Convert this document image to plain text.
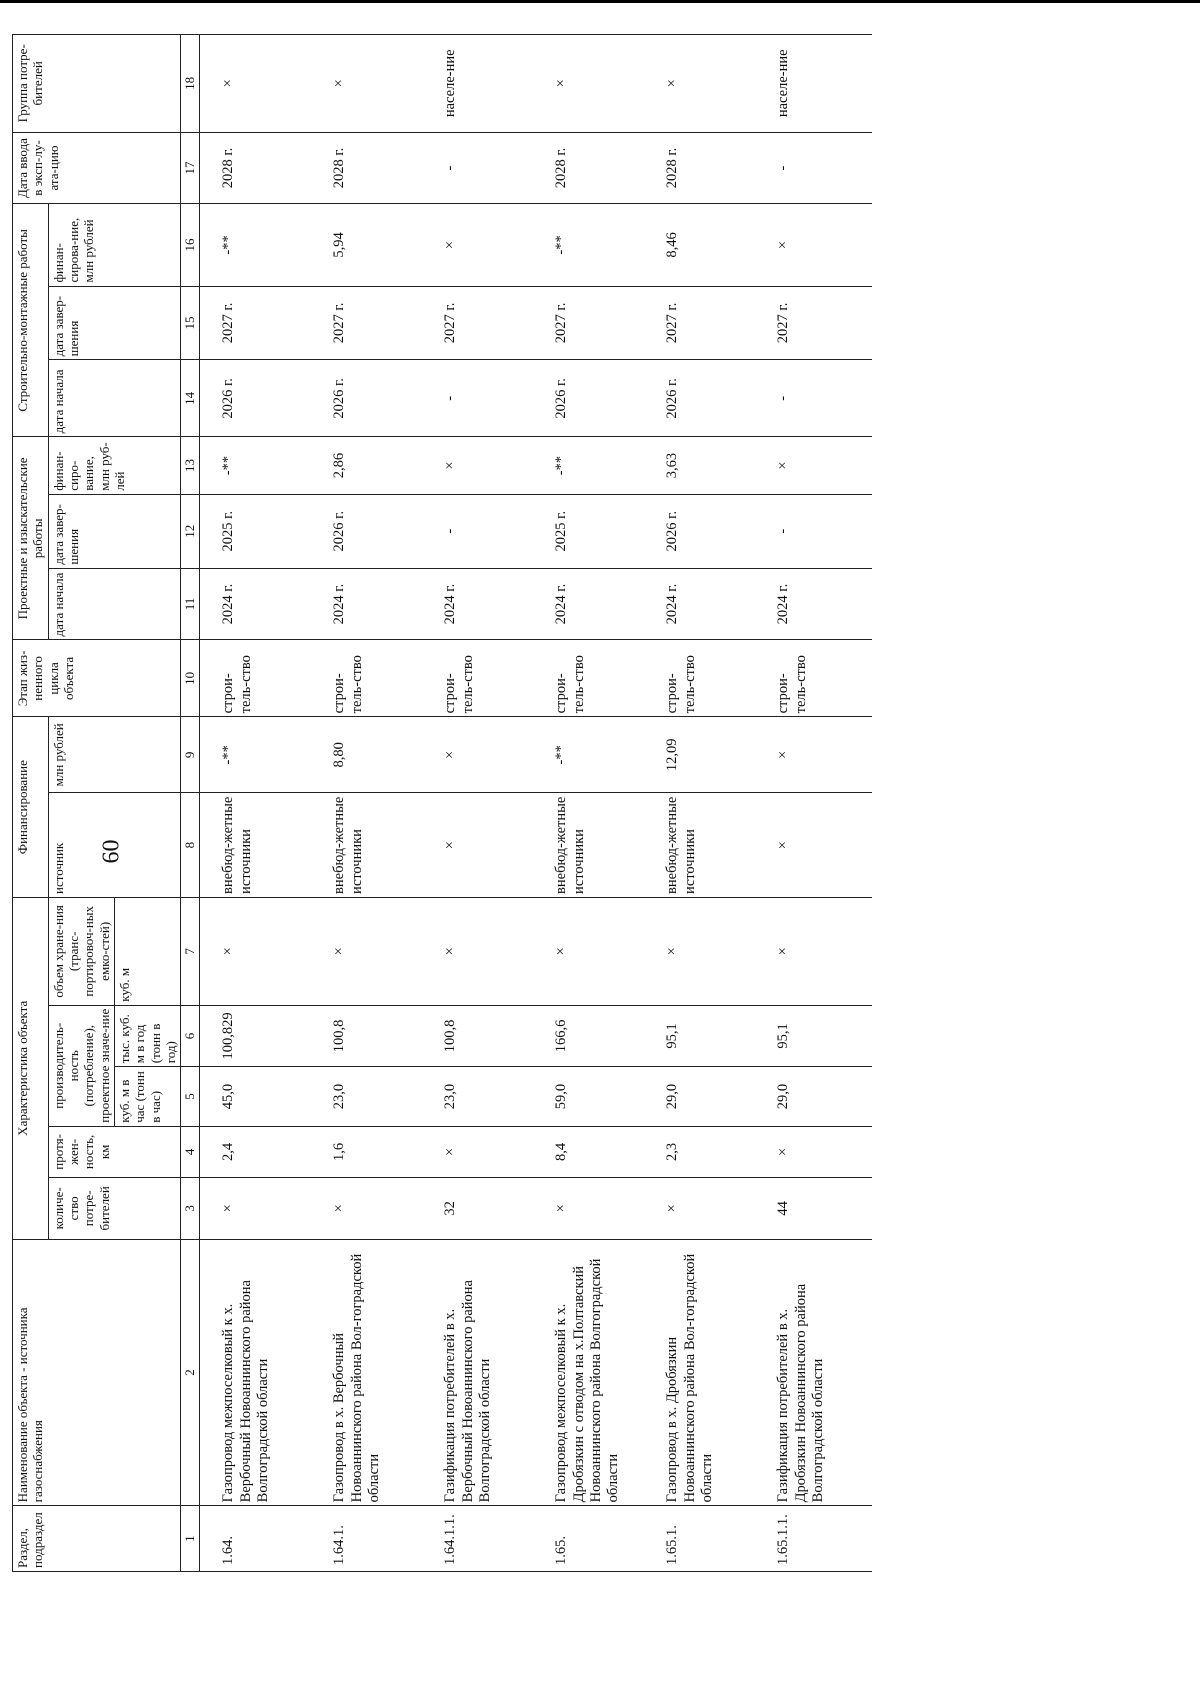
60
Раздел, подраздел	Наименование объекта - источника газоснабжения	Характеристика объекта					Финансирование		Этап жиз-ненного цикла объекта	Проектные и изыскательские работы			Строительно-монтажные работы			Дата ввода в эксп-лу-ата-цию	Группа потре-бителей
		количе-ство потре-бителей	протя-жен-ность, км	производитель-ность (потребление), проектное значе-ние		объем хране-ния (транс-портировоч-ных емко-стей)	источник	млн рублей		дата начала	дата завер-шения	финан-сиро-вание, млн руб-лей	дата начала	дата завер-шения	финан-сирова-ние, млн рублей		
				куб. м в час (тонн в час)	тыс. куб. м в год (тонн в год)	куб. м											
1	2	3	4	5	6	7	8	9	10	11	12	13	14	15	16	17	18
1.64.	Газопровод межпоселковый к х. Вербочный Новоаннинского района Волгоградской области	×	2,4	45,0	100,829	×	внебюд-жетные источники	-**	строи-тель-ство	2024 г.	2025 г.	-**	2026 г.	2027 г.	-**	2028 г.	×
1.64.1.	Газопровод в х. Вербочный Новоаннинского района Вол-гоградской области	×	1,6	23,0	100,8	×	внебюд-жетные источники	8,80	строи-тель-ство	2024 г.	2026 г.	2,86	2026 г.	2027 г.	5,94	2028 г.	×
1.64.1.1.	Газификация потребителей в х. Вербочный Новоаннинского района Волгоградской области	32	×	23,0	100,8	×	×	×	строи-тель-ство	2024 г.	-	×	-	2027 г.	×	-	населе-ние
1.65.	Газопровод межпоселковый к х. Дробязкин с отводом на х.Полтавский Новоаннинского района Волгоградской области	×	8,4	59,0	166,6	×	внебюд-жетные источники	-**	строи-тель-ство	2024 г.	2025 г.	-**	2026 г.	2027 г.	-**	2028 г.	×
1.65.1.	Газопровод в х. Дробязкин Новоаннинского района Вол-гоградской области	×	2,3	29,0	95,1	×	внебюд-жетные источники	12,09	строи-тель-ство	2024 г.	2026 г.	3,63	2026 г.	2027 г.	8,46	2028 г.	×
1.65.1.1.	Газификация потребителей в х. Дробязкин Новоаннинского района Волгоградской области	44	×	29,0	95,1	×	×	×	строи-тель-ство	2024 г.	-	×	-	2027 г.	×	-	населе-ние
